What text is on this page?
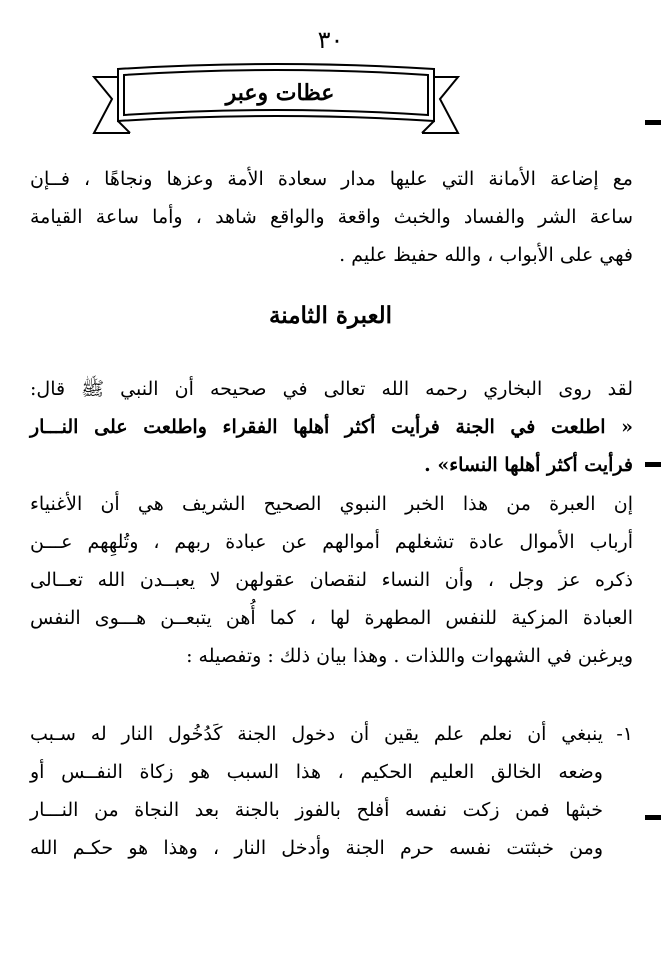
٣٠
عظات وعبر
مع إضاعة الأمانة التي عليها مدار سعادة الأمة وعزها ونجاهًا ، فــإن
ساعة الشر والفساد والخبث واقعة والواقع شاهد ، وأما ساعة القيامة
فهي على الأبواب ، والله حفيظ عليم .
العبرة الثامنة
لقد روى البخاري رحمه الله تعالى في صحيحه أن النبي ﷺ قال:
« اطلعت في الجنة فرأيت أكثر أهلها الفقراء واطلعت على النـــار
فرأيت أكثر أهلها النساء» .
إن العبرة من هذا الخبر النبوي الصحيح الشريف هي أن الأغنياء
أرباب الأموال عادة تشغلهم أموالهم عن عبادة ربهم ، وتُلهِهم عـــن
ذكره عز وجل ، وأن النساء لنقصان عقولهن لا يعبــدن الله تعــالى
العبادة المزكية للنفس المطهرة لها ، كما أُهن يتبعــن هـــوى النفس
ويرغبن في الشهوات واللذات . وهذا بيان ذلك : وتفصيله :
١-
ينبغي أن نعلم علم يقين أن دخول الجنة كَدُخُول النار له سـبب
وضعه الخالق العليم الحكيم ، هذا السبب هو زكاة النفــس أو
خبثها فمن زكت نفسه أفلح بالفوز بالجنة بعد النجاة من النـــار
ومن خبثتت نفسه حرم الجنة وأدخل النار ، وهذا هو حكـم الله
